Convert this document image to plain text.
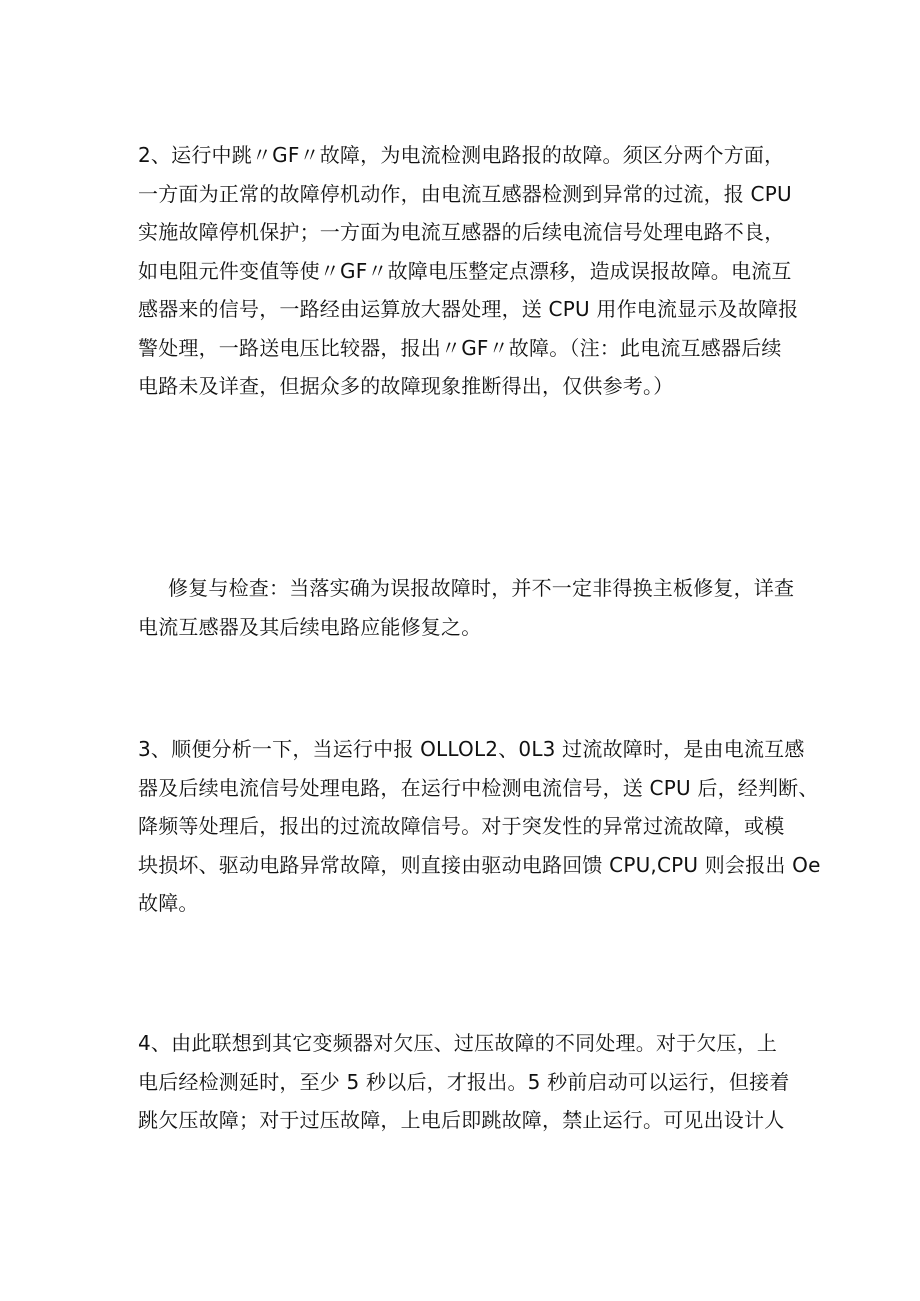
2、运行中跳〃GF〃故障，为电流检测电路报的故障。须区分两个方面，
一方面为正常的故障停机动作，由电流互感器检测到异常的过流，报 CPU
实施故障停机保护；一方面为电流互感器的后续电流信号处理电路不良，
如电阻元件变值等使〃GF〃故障电压整定点漂移，造成误报故障。电流互
感器来的信号，一路经由运算放大器处理，送 CPU 用作电流显示及故障报
警处理，一路送电压比较器，报出〃GF〃故障。（注：此电流互感器后续
电路未及详查，但据众多的故障现象推断得出，仅供参考。）
修复与检查：当落实确为误报故障时，并不一定非得换主板修复，详查
电流互感器及其后续电路应能修复之。
3、顺便分析一下，当运行中报 OLLOL2、0L3 过流故障时，是由电流互感
器及后续电流信号处理电路，在运行中检测电流信号，送 CPU 后，经判断、
降频等处理后，报出的过流故障信号。对于突发性的异常过流故障，或模
块损坏、驱动电路异常故障，则直接由驱动电路回馈 CPU,CPU 则会报出 Oe
故障。
4、由此联想到其它变频器对欠压、过压故障的不同处理。对于欠压，上
电后经检测延时，至少 5 秒以后，才报出。5 秒前启动可以运行，但接着
跳欠压故障；对于过压故障，上电后即跳故障，禁止运行。可见出设计人
